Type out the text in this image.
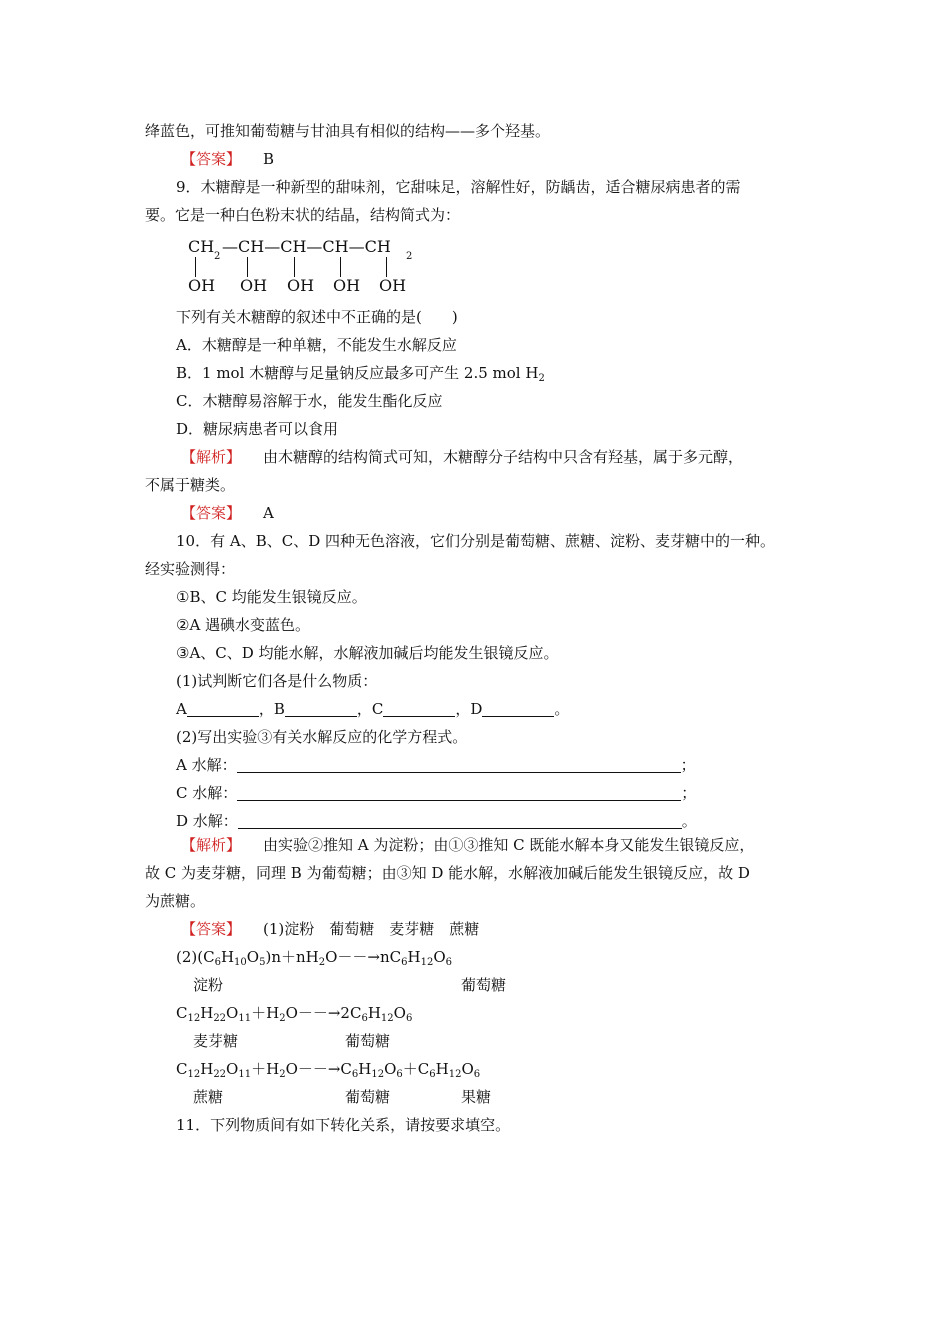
绛蓝色，可推知葡萄糖与甘油具有相似的结构——多个羟基。
【答案】 B
9．木糖醇是一种新型的甜味剂，它甜味足，溶解性好，防龋齿，适合糖尿病患者的需
要。它是一种白色粉末状的结晶，结构简式为：
CH
2
—CH—CH—CH—CH
2
OH OH OH OH OH
下列有关木糖醇的叙述中不正确的是(　　)
A．木糖醇是一种单糖，不能发生水解反应
B．1 mol 木糖醇与足量钠反应最多可产生 2.5 mol $H_2$
C．木糖醇易溶解于水，能发生酯化反应
D．糖尿病患者可以食用
【解析】 由木糖醇的结构简式可知，木糖醇分子结构中只含有羟基，属于多元醇，
不属于糖类。
【答案】 A
10．有 A、B、C、D 四种无色溶液，它们分别是葡萄糖、蔗糖、淀粉、麦芽糖中的一种。
经实验测得：
①B、C 均能发生银镜反应。
②A 遇碘水变蓝色。
③A、C、D 均能水解，水解液加碱后均能发生银镜反应。
(1)试判断它们各是什么物质：
A	，B	，C	，D	。
(2)写出实验③有关水解反应的化学方程式。
A 水解：	；
C 水解：	；
D 水解：	。
【解析】 由实验②推知 A 为淀粉；由①③推知 C 既能水解本身又能发生银镜反应，
故 C 为麦芽糖，同理 B 为葡萄糖；由③知 D 能水解，水解液加碱后能发生银镜反应，故 D
为蔗糖。
【答案】 (1)淀粉　葡萄糖　麦芽糖　蔗糖
$(2)(C_6H_{10}O_5)n+nH_2O--\to nC_6H_{12}O_6$
淀粉	葡萄糖
$C_{12}H_{22}O_{11}+H_2O--\to 2C_6H_{12}O_6$
麦芽糖	葡萄糖
$C_{12}H_{22}O_{11}+H_2O--\to C_6H_{12}O_6+C_6H_{12}O_6$
蔗糖	葡萄糖	果糖
11．下列物质间有如下转化关系，请按要求填空。
